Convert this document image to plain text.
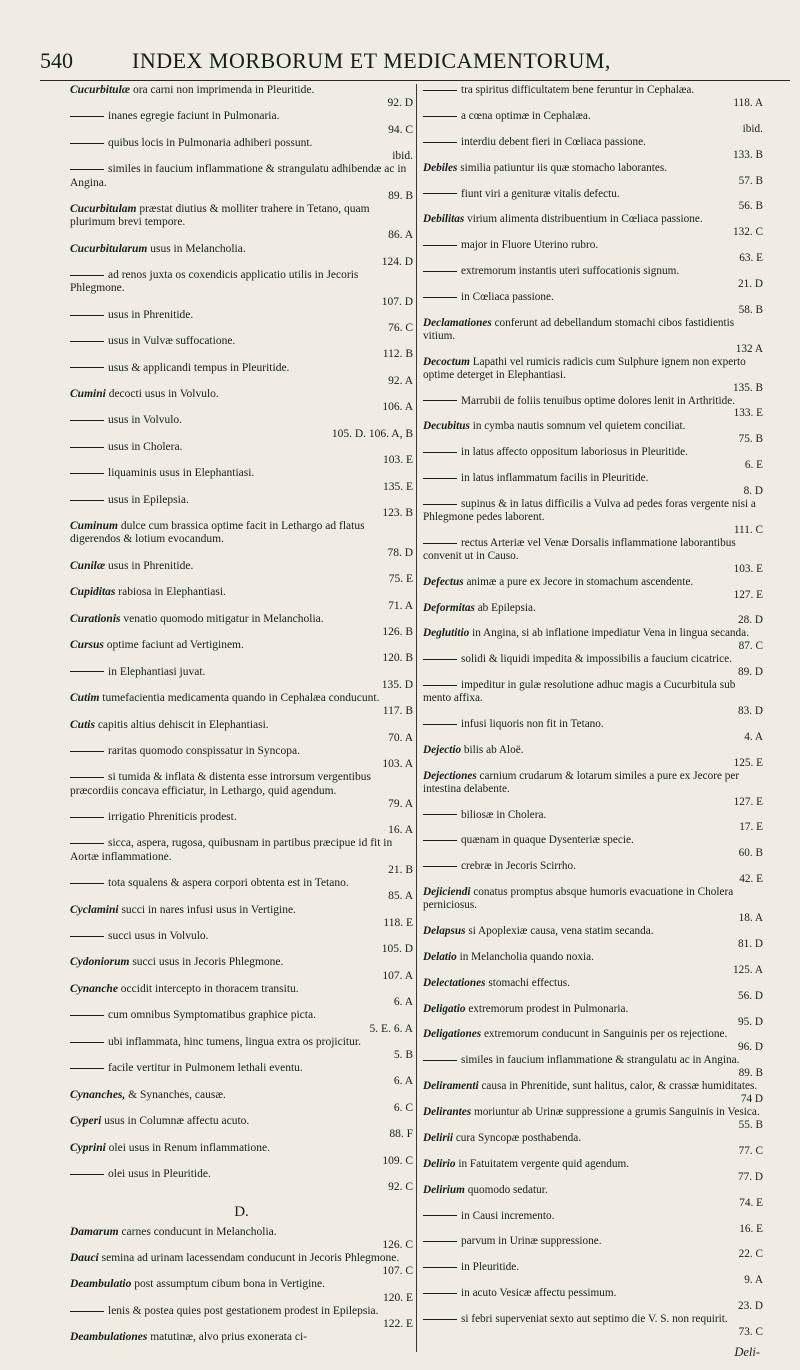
540	INDEX MORBORUM ET MEDICAMENTORUM,
Cucurbitulæ ora carni non imprimenda in Pleuritide.
92. D
inanes egregie faciunt in Pulmonaria.
94. C
quibus locis in Pulmonaria adhiberi possunt.
ibid.
similes in faucium inflammatione & strangulatu adhibendæ ac in Angina.
89. B
Cucurbitulam præstat diutius & molliter trahere in Tetano, quam plurimum brevi tempore.
86. A
Cucurbitularum usus in Melancholia.
124. D
ad renos juxta os coxendicis applicatio utilis in Jecoris Phlegmone.
107. D
usus in Phrenitide.
76. C
usus in Vulvæ suffocatione.
112. B
usus & applicandi tempus in Pleuritide.
92. A
Cumini decocti usus in Volvulo.
106. A
usus in Volvulo.
105. D. 106. A, B
usus in Cholera.
103. E
liquaminis usus in Elephantiasi.
135. E
usus in Epilepsia.
123. B
Cuminum dulce cum brassica optime facit in Lethargo ad flatus digerendos & lotium evocandum.
78. D
Cunilæ usus in Phrenitide.
75. E
Cupiditas rabiosa in Elephantiasi.
71. A
Curationis venatio quomodo mitigatur in Melancholia.
126. B
Cursus optime faciunt ad Vertiginem.
120. B
in Elephantiasi juvat.
135. D
Cutim tumefacientia medicamenta quando in Cephalæa conducunt.
117. B
Cutis capitis altius dehiscit in Elephantiasi.
70. A
raritas quomodo conspissatur in Syncopa.
103. A
si tumida & inflata & distenta esse introrsum vergentibus præcordiis concava efficiatur, in Lethargo, quid agendum.
79. A
irrigatio Phreniticis prodest.
16. A
sicca, aspera, rugosa, quibusnam in partibus præcipue id fit in Aortæ inflammatione.
21. B
tota squalens & aspera corpori obtenta est in Tetano.
85. A
Cyclamini succi in nares infusi usus in Vertigine.
118. E
succi usus in Volvulo.
105. D
Cydoniorum succi usus in Jecoris Phlegmone.
107. A
Cynanche occidit intercepto in thoracem transitu.
6. A
cum omnibus Symptomatibus graphice picta.
5. E. 6. A
ubi inflammata, hinc tumens, lingua extra os projicitur.
5. B
facile vertitur in Pulmonem lethali eventu.
6. A
Cynanches, & Synanches, causæ.
6. C
Cyperi usus in Columnæ affectu acuto.
88. F
Cyprini olei usus in Renum inflammatione.
109. C
olei usus in Pleuritide.
92. C
D.
Damarum carnes conducunt in Melancholia.
126. C
Dauci semina ad urinam lacessendam conducunt in Jecoris Phlegmone.
107. C
Deambulatio post assumptum cibum bona in Vertigine.
120. E
lenis & postea quies post gestationem prodest in Epilepsia.
122. E
Deambulationes matutinæ, alvo prius exonerata ci-
tra spiritus difficultatem bene feruntur in Cephalæa.
118. A
a cœna optimæ in Cephalæa.
ibid.
interdiu debent fieri in Cœliaca passione.
133. B
Debiles similia patiuntur iis quæ stomacho laborantes.
57. B
fiunt viri a genituræ vitalis defectu.
56. B
Debilitas virium alimenta distribuentium in Cœliaca passione.
132. C
major in Fluore Uterino rubro.
63. E
extremorum instantis uteri suffocationis signum.
21. D
in Cœliaca passione.
58. B
Declamationes conferunt ad debellandum stomachi cibos fastidientis vitium.
132 A
Decoctum Lapathi vel rumicis radicis cum Sulphure ignem non experto optime deterget in Elephantiasi.
135. B
Marrubii de foliis tenuibus optime dolores lenit in Arthritide.
133. E
Decubitus in cymba nautis somnum vel quietem conciliat.
75. B
in latus affecto oppositum laboriosus in Pleuritide.
6. E
in latus inflammatum facilis in Pleuritide.
8. D
supinus & in latus difficilis a Vulva ad pedes foras vergente nisi a Phlegmone pedes laborent.
111. C
rectus Arteriæ vel Venæ Dorsalis inflammatione laborantibus convenit ut in Causo.
103. E
Defectus animæ a pure ex Jecore in stomachum ascendente.
127. E
Deformitas ab Epilepsia.
28. D
Deglutitio in Angina, si ab inflatione impediatur Vena in lingua secanda.
87. C
solidi & liquidi impedita & impossibilis a faucium cicatrice.
89. D
impeditur in gulæ resolutione adhuc magis a Cucurbitula sub mento affixa.
83. D
infusi liquoris non fit in Tetano.
4. A
Dejectio bilis ab Aloë.
125. E
Dejectiones carnium crudarum & lotarum similes a pure ex Jecore per intestina delabente.
127. E
biliosæ in Cholera.
17. E
quænam in quaque Dysenteriæ specie.
60. B
crebræ in Jecoris Scirrho.
42. E
Dejiciendi conatus promptus absque humoris evacuatione in Cholera perniciosus.
18. A
Delapsus si Apoplexiæ causa, vena statim secanda.
81. D
Delatio in Melancholia quando noxia.
125. A
Delectationes stomachi effectus.
56. D
Deligatio extremorum prodest in Pulmonaria.
95. D
Deligationes extremorum conducunt in Sanguinis per os rejectione.
96. D
similes in faucium inflammatione & strangulatu ac in Angina.
89. B
Deliramenti causa in Phrenitide, sunt halitus, calor, & crassæ humiditates.
74 D
Delirantes moriuntur ab Urinæ suppressione a grumis Sanguinis in Vesica.
55. B
Delirii cura Syncopæ posthabenda.
77. C
Delirio in Fatuitatem vergente quid agendum.
77. D
Delirium quomodo sedatur.
74. E
in Causi incremento.
16. E
parvum in Urinæ suppressione.
22. C
in Pleuritide.
9. A
in acuto Vesicæ affectu pessimum.
23. D
si febri superveniat sexto aut septimo die V. S. non requirit.
73. C
Deli-
